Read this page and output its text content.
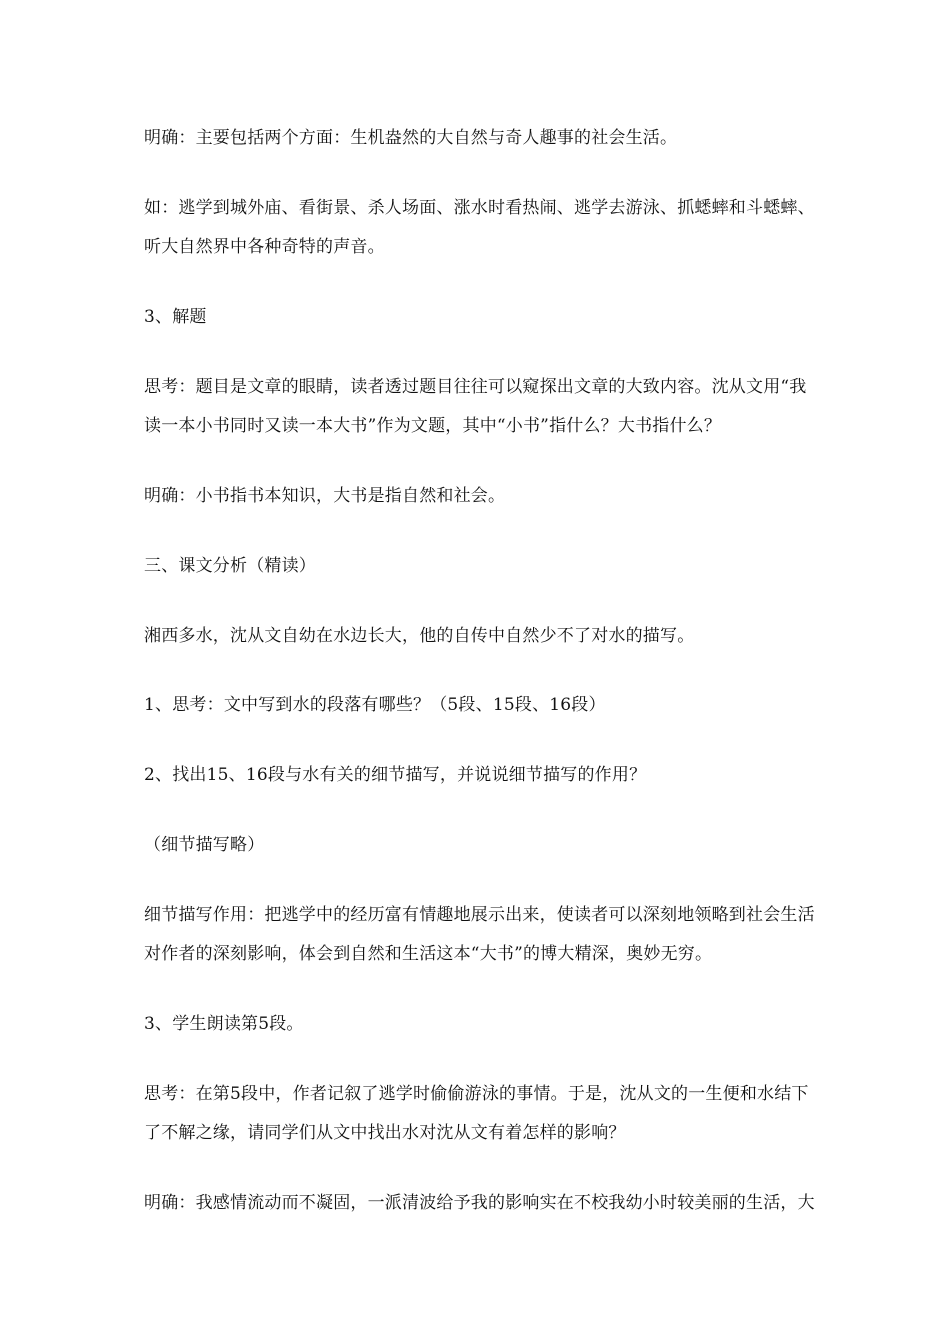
明确：主要包括两个方面：生机盎然的大自然与奇人趣事的社会生活。
如：逃学到城外庙、看街景、杀人场面、涨水时看热闹、逃学去游泳、抓蟋蟀和斗蟋蟀、
听大自然界中各种奇特的声音。
3、解题
思考：题目是文章的眼睛，读者透过题目往往可以窥探出文章的大致内容。沈从文用“我
读一本小书同时又读一本大书”作为文题，其中“小书”指什么？大书指什么？
明确：小书指书本知识，大书是指自然和社会。
三、课文分析（精读）
湘西多水，沈从文自幼在水边长大，他的自传中自然少不了对水的描写。
1、思考：文中写到水的段落有哪些？（5段、15段、16段）
2、找出15、16段与水有关的细节描写，并说说细节描写的作用？
（细节描写略）
细节描写作用：把逃学中的经历富有情趣地展示出来，使读者可以深刻地领略到社会生活
对作者的深刻影响，体会到自然和生活这本“大书”的博大精深，奥妙无穷。
3、学生朗读第5段。
思考：在第5段中，作者记叙了逃学时偷偷游泳的事情。于是，沈从文的一生便和水结下
了不解之缘，请同学们从文中找出水对沈从文有着怎样的影响？
明确：我感情流动而不凝固，一派清波给予我的影响实在不校我幼小时较美丽的生活，大
